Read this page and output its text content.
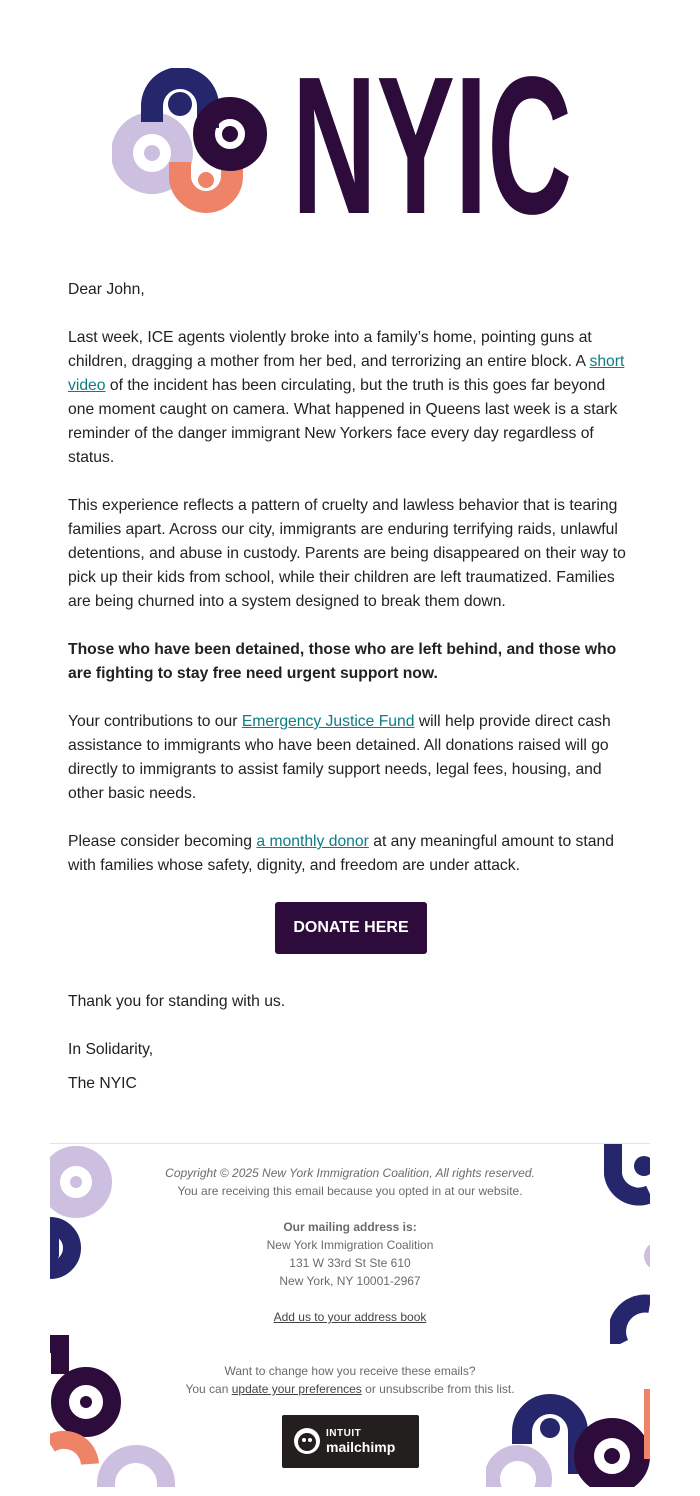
NYIC

Dear John,

Last week, ICE agents violently broke into a family’s home, pointing guns at children, dragging a mother from her bed, and terrorizing an entire block. A short video of the incident has been circulating, but the truth is this goes far beyond one moment caught on camera. What happened in Queens last week is a stark reminder of the danger immigrant New Yorkers face every day regardless of status.

This experience reflects a pattern of cruelty and lawless behavior that is tearing families apart. Across our city, immigrants are enduring terrifying raids, unlawful detentions, and abuse in custody. Parents are being disappeared on their way to pick up their kids from school, while their children are left traumatized. Families are being churned into a system designed to break them down.

Those who have been detained, those who are left behind, and those who are fighting to stay free need urgent support now.

Your contributions to our Emergency Justice Fund will help provide direct cash assistance to immigrants who have been detained. All donations raised will go directly to immigrants to assist family support needs, legal fees, housing, and other basic needs.

Please consider becoming a monthly donor at any meaningful amount to stand with families whose safety, dignity, and freedom are under attack.

DONATE HERE

Thank you for standing with us.

In Solidarity,

The NYIC

Copyright © 2025 New York Immigration Coalition, All rights reserved.
You are receiving this email because you opted in at our website.
Our mailing address is:
New York Immigration Coalition
131 W 33rd St Ste 610
New York, NY 10001-2967
Add us to your address book
Want to change how you receive these emails?
You can update your preferences or unsubscribe from this list.
INTUIT
mailchimp
